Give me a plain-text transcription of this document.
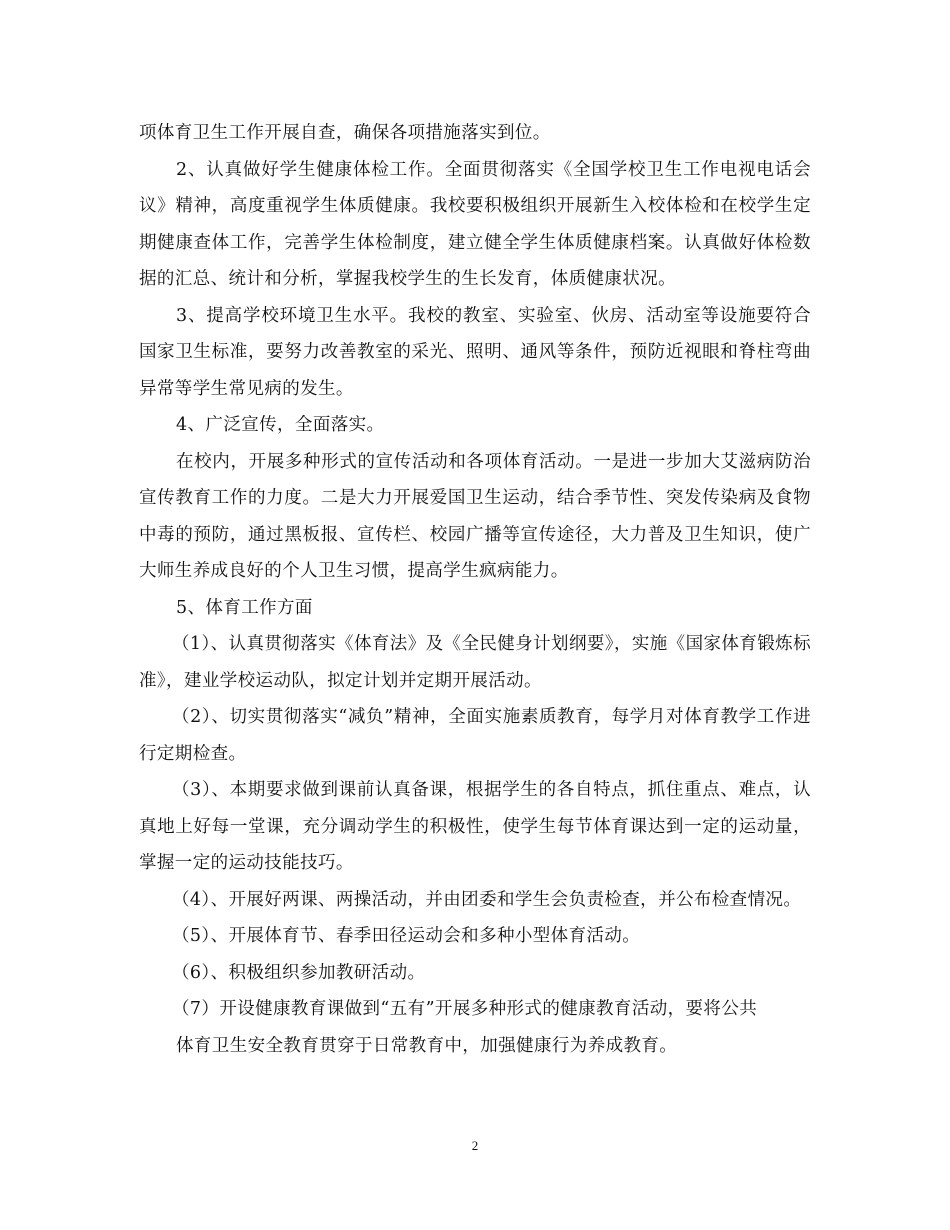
项体育卫生工作开展自查，确保各项措施落实到位。

2、认真做好学生健康体检工作。全面贯彻落实《全国学校卫生工作电视电话会议》精神，高度重视学生体质健康。我校要积极组织开展新生入校体检和在校学生定期健康查体工作，完善学生体检制度，建立健全学生体质健康档案。认真做好体检数据的汇总、统计和分析，掌握我校学生的生长发育，体质健康状况。

3、提高学校环境卫生水平。我校的教室、实验室、伙房、活动室等设施要符合国家卫生标准，要努力改善教室的采光、照明、通风等条件，预防近视眼和脊柱弯曲异常等学生常见病的发生。

4、广泛宣传，全面落实。

在校内，开展多种形式的宣传活动和各项体育活动。一是进一步加大艾滋病防治宣传教育工作的力度。二是大力开展爱国卫生运动，结合季节性、突发传染病及食物中毒的预防，通过黑板报、宣传栏、校园广播等宣传途径，大力普及卫生知识，使广大师生养成良好的个人卫生习惯，提高学生疯病能力。

5、体育工作方面

（1）、认真贯彻落实《体育法》及《全民健身计划纲要》，实施《国家体育锻炼标准》，建业学校运动队，拟定计划并定期开展活动。

（2）、切实贯彻落实“减负”精神，全面实施素质教育，每学月对体育教学工作进行定期检查。

（3）、本期要求做到课前认真备课，根据学生的各自特点，抓住重点、难点，认真地上好每一堂课，充分调动学生的积极性，使学生每节体育课达到一定的运动量，掌握一定的运动技能技巧。

（4）、开展好两课、两操活动，并由团委和学生会负责检查，并公布检查情况。

（5）、开展体育节、春季田径运动会和多种小型体育活动。

（6）、积极组织参加教研活动。

（7）开设健康教育课做到“五有”开展多种形式的健康教育活动，要将公共

体育卫生安全教育贯穿于日常教育中，加强健康行为养成教育。

2
